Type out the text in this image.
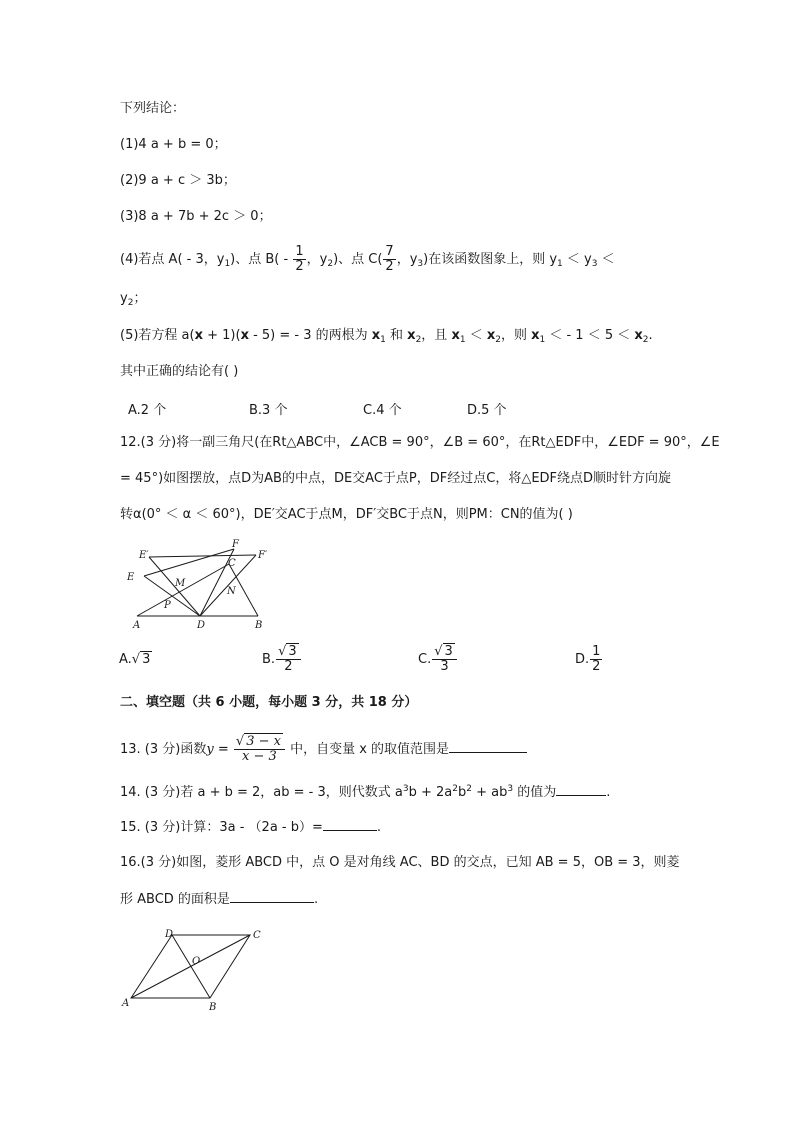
下列结论：
(1)4 a + b = 0；
(2)9 a + c ＞ 3b；
(3)8 a + 7b + 2c ＞ 0；
(4)若点 A( - 3，$y_1$)、点 $B( - \frac{1}{2}$ ，$y_2$)、点 $C( \frac{7}{2}$ ，$y_3$)在该函数图象上，则 $y_1 < y_3$ ＜
$y_2$；
(5)若方程 a(x + 1)(x - 5) = - 3 的两根为 $x_1$ 和 $x_2$，且 $x_1 < x_2$，则 $x_1$ ＜ - $1 < 5 < x_2$.
其中正确的结论有( )
A.2 个	B.3 个	C.4 个	D.5 个
12.(3 分)将一副三角尺(在Rt△ABC中，∠ACB = 90°，∠B = 60°，在Rt△EDF中，∠EDF = 90°，∠E
= 45°)如图摆放，点D为AB的中点，DE交AC于点P，DF经过点C，将△EDF绕点D顺时针方向旋
转α(0° ＜ α ＜ 60°)，DE′交AC于点M，DF′交BC于点N，则PM：CN的值为( )
E′
F
F′
C
E
M
P
N
A	D	B
A.√ 3	B. $\frac{√ 3}{2}$	C. $\frac{√ 3}{3}$	D. $\frac{1}{2}$
二、填空题（共 6 小题，每小题 3 分，共 18 分）
13. (3 分)函数$y = \frac{√ 3 - x}{x - 3}$ 中，自变量 x 的取值范围是
14. (3 分)若 a + b = 2，ab = - 3，则代数式 $a^3b + 2a^2b^2 + ab^3$ 的值为	.
15. (3 分)计算：3a - （2a - b）=	.
16.(3 分)如图，菱形 ABCD 中，点 O 是对角线 AC、BD 的交点，已知 AB = 5，OB = 3，则菱
形 ABCD 的面积是	.
D	C
O
A	B
